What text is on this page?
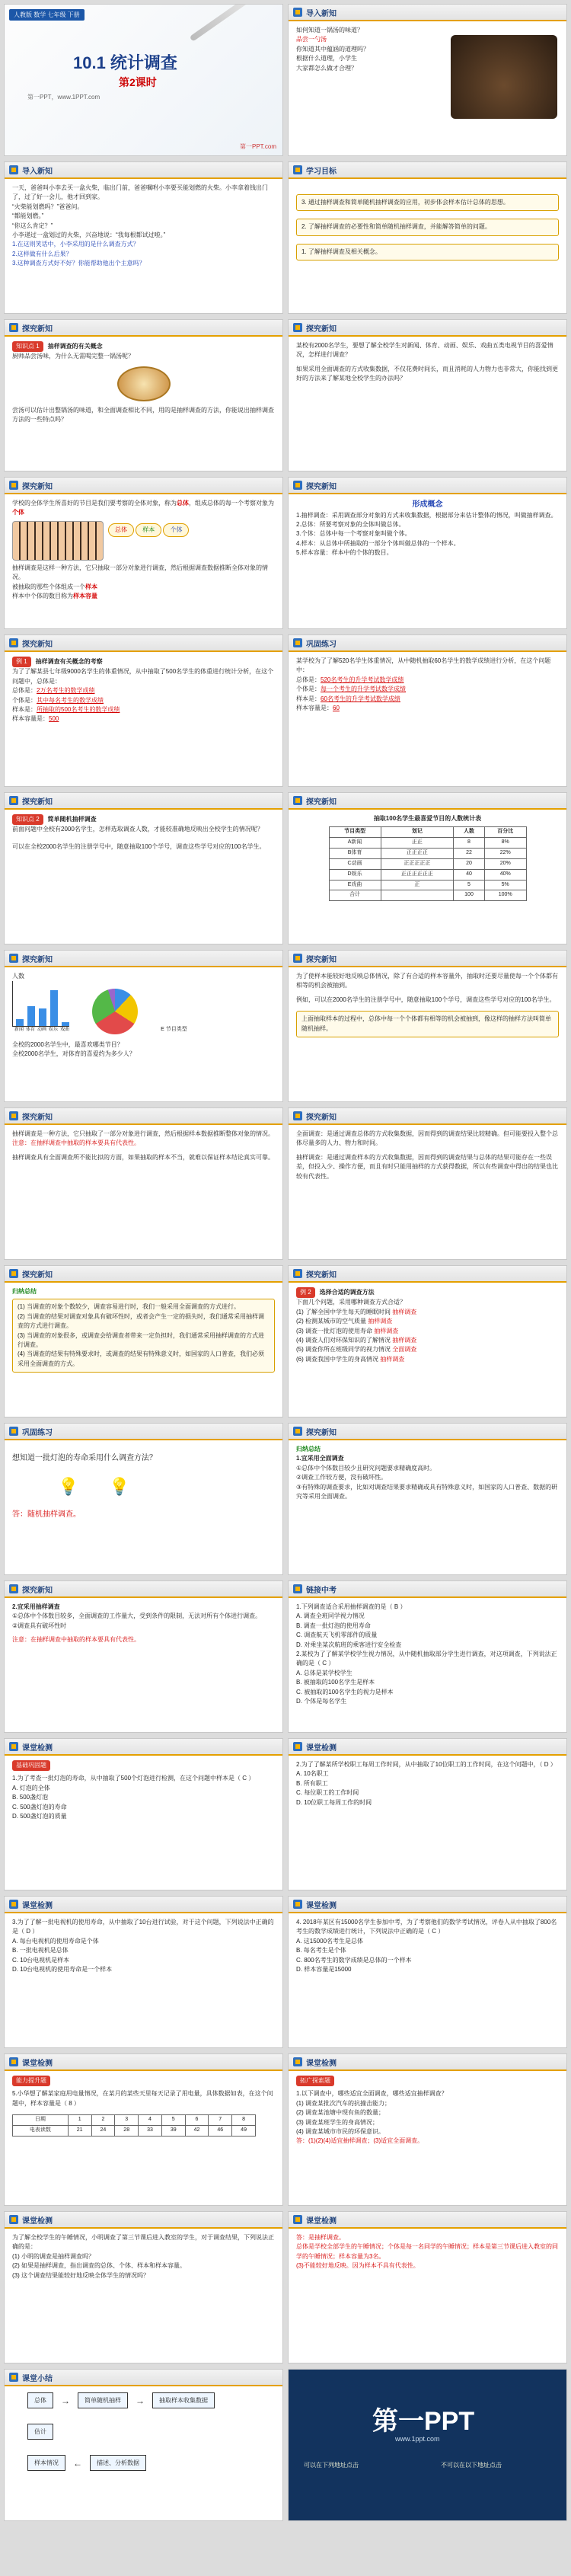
人教版 数学 七年级 下册
10.1 统计调查
第2课时
第一PPT，www.1PPT.com
第一PPT.com
导入新知
如何知道一锅汤的味道？
品尝一勺汤
你知道其中蕴涵的道理吗？
根据什么道理，小学生
大家都怎么做才合理？
导入新知
一天，爸爸叫小李去买一盒火柴，临出门前，爸爸嘱咐小李要买能划燃的火柴。小李拿着钱出门了，过了好一会儿，他才回到家。
“火柴能划燃吗？”爸爸问。
“都能划燃。”
“你这么肯定？”
小李递过一盒划过的火柴，兴奋地说：“我每根都试过啦。”
1.在这则笑话中，小李采用的是什么调查方式？
2.这样做有什么后果？
3.这种调查方式好不好？你能帮助他出个主意吗？
学习目标
3. 通过抽样调查和简单随机抽样调查的应用，初步体会样本估计总体的思想。
2. 了解抽样调查的必要性和简单随机抽样调查，并能解答简单的问题。
1. 了解抽样调查及相关概念。
探究新知
知识点 1 抽样调查的有关概念
厨师品尝汤味，为什么无需喝完整一锅汤呢？
尝汤可以估计出整锅汤的味道，和全面调查相比不同，用的是抽样调查的方法，你能说出抽样调查方法的一些特点吗？
探究新知
某校有2000名学生，要想了解全校学生对新闻、体育、动画、娱乐、戏曲五类电视节目的喜爱情况，怎样进行调查？
如果采用全面调查的方式收集数据，不仅花费时间长，而且消耗的人力物力也非常大，你能找到更好的方法来了解某地全校学生的办法吗？
探究新知
学校的全体学生所喜好的节目是我们要考察的全体对象，称为总体，组成总体的每一个考察对象为个体
总体	样本	个体
抽样调查是这样一种方法，它只抽取一部分对象进行调查，然后根据调查数据推断全体对象的情况。
被抽取的那些个体组成一个样本
样本中个体的数目称为样本容量
探究新知
形成概念
1.抽样调查：采用调查部分对象的方式来收集数据，根据部分来估计整体的情况，叫做抽样调查。
2.总体：所要考察对象的全体叫做总体。
3.个体：总体中每一个考察对象叫做个体。
4.样本：从总体中所抽取的一部分个体叫做总体的一个样本。
5.样本容量：样本中的个体的数目。
探究新知
例 1 抽样调查有关概念的考察
为了了解某县七年级9000名学生的体重情况，从中抽取了500名学生的体重进行统计分析，在这个问题中，总体是：
总体是：2万名考生的数学成绩
个体是：其中每名考生的数学成绩
样本是：所抽取的500名考生的数学成绩
样本容量是：500
巩固练习
某学校为了了解520名学生体重情况，从中随机抽取60名学生的数学成绩进行分析，在这个问题中：
总体是：520名考生的升学考试数学成绩
个体是：每一个考生的升学考试数学成绩
样本是：60名考生的升学考试数学成绩
样本容量是：60
探究新知
知识点 2 简单随机抽样调查
前面问题中全校有2000名学生，怎样选取调查人数，才能较准确地反映出全校学生的情况呢？
可以在全校2000名学生的注册学号中，随意抽取100个学号，调查这些学号对应的100名学生。
探究新知
抽取100名学生最喜爱节目的人数统计表
节目类型	划记	人数	百分比
A新闻	正正	8	8%
B体育	正正正正	22	22%
C动画	正正正正正	20	20%
D娱乐	正正正正正正	40	40%
E戏曲	正	5	5%
合计		100	100%
探究新知
人数
新闻 体育 动画 娱乐 戏曲	E 节目类型
全校的2000名学生中，最喜欢哪类节目？
全校2000名学生，对体育的喜爱约为多少人？
探究新知
为了使样本能较好地反映总体情况，除了有合适的样本容量外，抽取时还要尽量使每一个个体都有相等的机会被抽到。
例如，可以在2000名学生的注册学号中，随意抽取100个学号，调查这些学号对应的100名学生。
上面抽取样本的过程中，总体中每一个个体都有相等的机会被抽到，像这样的抽样方法叫简单随机抽样。
探究新知
抽样调查是一种方法，它只抽取了一部分对象进行调查，然后根据样本数据推断整体对象的情况。
注意：在抽样调查中抽取的样本要具有代表性。
抽样调查具有全面调查所不能比拟的方面，如果抽取的样本不当，就难以保证样本结论真实可靠。
探究新知
全面调查：是通过调查总体的方式收集数据，因而得到的调查结果比较精确。但可能要投入整个总体尽量多的人力、物力和时间。
抽样调查：是通过调查样本的方式收集数据，因而得到的调查结果与总体的结果可能存在一些误差，但投入少、操作方便，而且有时只能用抽样的方式获得数据，所以有些调查中得出的结果也比较有代表性。
探究新知
归纳总结
(1) 当调查的对象个数较少，调查容易进行时，我们一般采用全面调查的方式进行。
(2) 当调查的结果对调查对象具有破坏性时，或者会产生一定的损失时，我们通常采用抽样调查的方式进行调查。
(3) 当调查的对象很多，或调查会给调查者带来一定负担时，我们通常采用抽样调查的方式进行调查。
(4) 当调查的结果有特殊要求时，或调查的结果有特殊意义时，如国家的人口普查，我们必须采用全面调查的方式。
探究新知
例 2 选择合适的调查方法
下面几个问题，采用哪种调查方式合适？
(1) 了解全国中学生每天的睡眠时间 抽样调查
(2) 检测某城市的空气质量 抽样调查
(3) 调查一批灯泡的使用寿命 抽样调查
(4) 调查人们对环保知识的了解情况 抽样调查
(5) 调查你所在班级同学的视力情况 全面调查
(6) 调查我国中学生的身高情况 抽样调查
巩固练习
想知道一批灯泡的寿命采用什么调查方法？
💡 💡
答：随机抽样调查。
探究新知
归纳总结
1.宜采用全面调查
①总体中个体数目较少且研究问题要求精确度高时。
②调查工作较方便，没有破坏性。
③有特殊的调查要求，比如对调查结果要求精确或具有特殊意义时，如国家的人口普查、数据的研究等采用全面调查。
探究新知
2.宜采用抽样调查
①总体中个体数目较多，全面调查的工作量大，受到条件的限制，无法对所有个体进行调查。
②调查具有破坏性时
注意：在抽样调查中抽取的样本要具有代表性。
链接中考
1.下列调查适合采用抽样调查的是（ B ）
A. 调查全班同学视力情况
B. 调查一批灯泡的使用寿命
C. 调查航天飞机零部件的质量
D. 对乘坐某次航班的乘客进行安全检查
2.某校为了了解某学校学生视力情况，从中随机抽取部分学生进行调查，对这项调查，下列说法正确的是（ C ）
A. 总体是某学校学生
B. 被抽取的100名学生是样本
C. 被抽取的100名学生的视力是样本
D. 个体是每名学生
课堂检测
基础巩固题
1.为了考查一批灯泡的寿命，从中抽取了500个灯泡进行检测，在这个问题中样本是（ C ）
A. 灯泡的全体
B. 500盏灯泡
C. 500盏灯泡的寿命
D. 500盏灯泡的质量
课堂检测
2.为了了解某所学校职工每周工作时间，从中抽取了10位职工的工作时间，在这个问题中，（ D ）
A. 10名职工
B. 所有职工
C. 每位职工的工作时间
D. 10位职工每周工作的时间
课堂检测
3.为了了解一批电视机的使用寿命，从中抽取了10台进行试验，对于这个问题，下列说法中正确的是（ D ）
A. 每台电视机的使用寿命是个体
B. 一批电视机是总体
C. 10台电视机是样本
D. 10台电视机的使用寿命是一个样本
课堂检测
4. 2018年某区有15000名学生参加中考，为了考察他们的数学考试情况，评卷人从中抽取了800名考生的数学成绩进行统计，下列说法中正确的是（ C ）
A. 这15000名考生是总体
B. 每名考生是个体
C. 800名考生的数学成绩是总体的一个样本
D. 样本容量是15000
课堂检测
能力提升题
5.小华想了解某家庭用电量情况，在某月的某些天里每天记录了用电量，具体数据如表，在这个问题中，样本容量是（ 8 ）
日期	1	2	3	4	5	6	7	8
电表读数	21	24	28	33	39	42	46	49
课堂检测
拓广探索题
1.以下调查中，哪些适宜全面调查，哪些适宜抽样调查？
(1) 调查某批次汽车的抗撞击能力；
(2) 调查某池塘中现有鱼的数量；
(3) 调查某班学生的身高情况；
(4) 调查某城市市民的环保意识。
答：(1)(2)(4)适宜抽样调查；(3)适宜全面调查。
课堂检测
为了解全校学生的午睡情况，小明调查了第三节课后进入教室的学生，对于调查结果，下列说法正确的是：
(1) 小明的调查是抽样调查吗？
(2) 如果是抽样调查，指出调查的总体、个体、样本和样本容量。
(3) 这个调查结果能较好地反映全体学生的情况吗？
课堂检测
答：是抽样调查。
总体是学校全部学生的午睡情况；个体是每一名同学的午睡情况；样本是第三节课后进入教室的同学的午睡情况；样本容量为3名。
(3)不能较好地反映。因为样本不具有代表性。
课堂小结
总体	→	简单随机抽样	→	抽取样本收集数据
估计
样本情况	←	描述、分析数据
第一PPT
www.1ppt.com
可以在下列地址点击	不可以在以下地址点击
